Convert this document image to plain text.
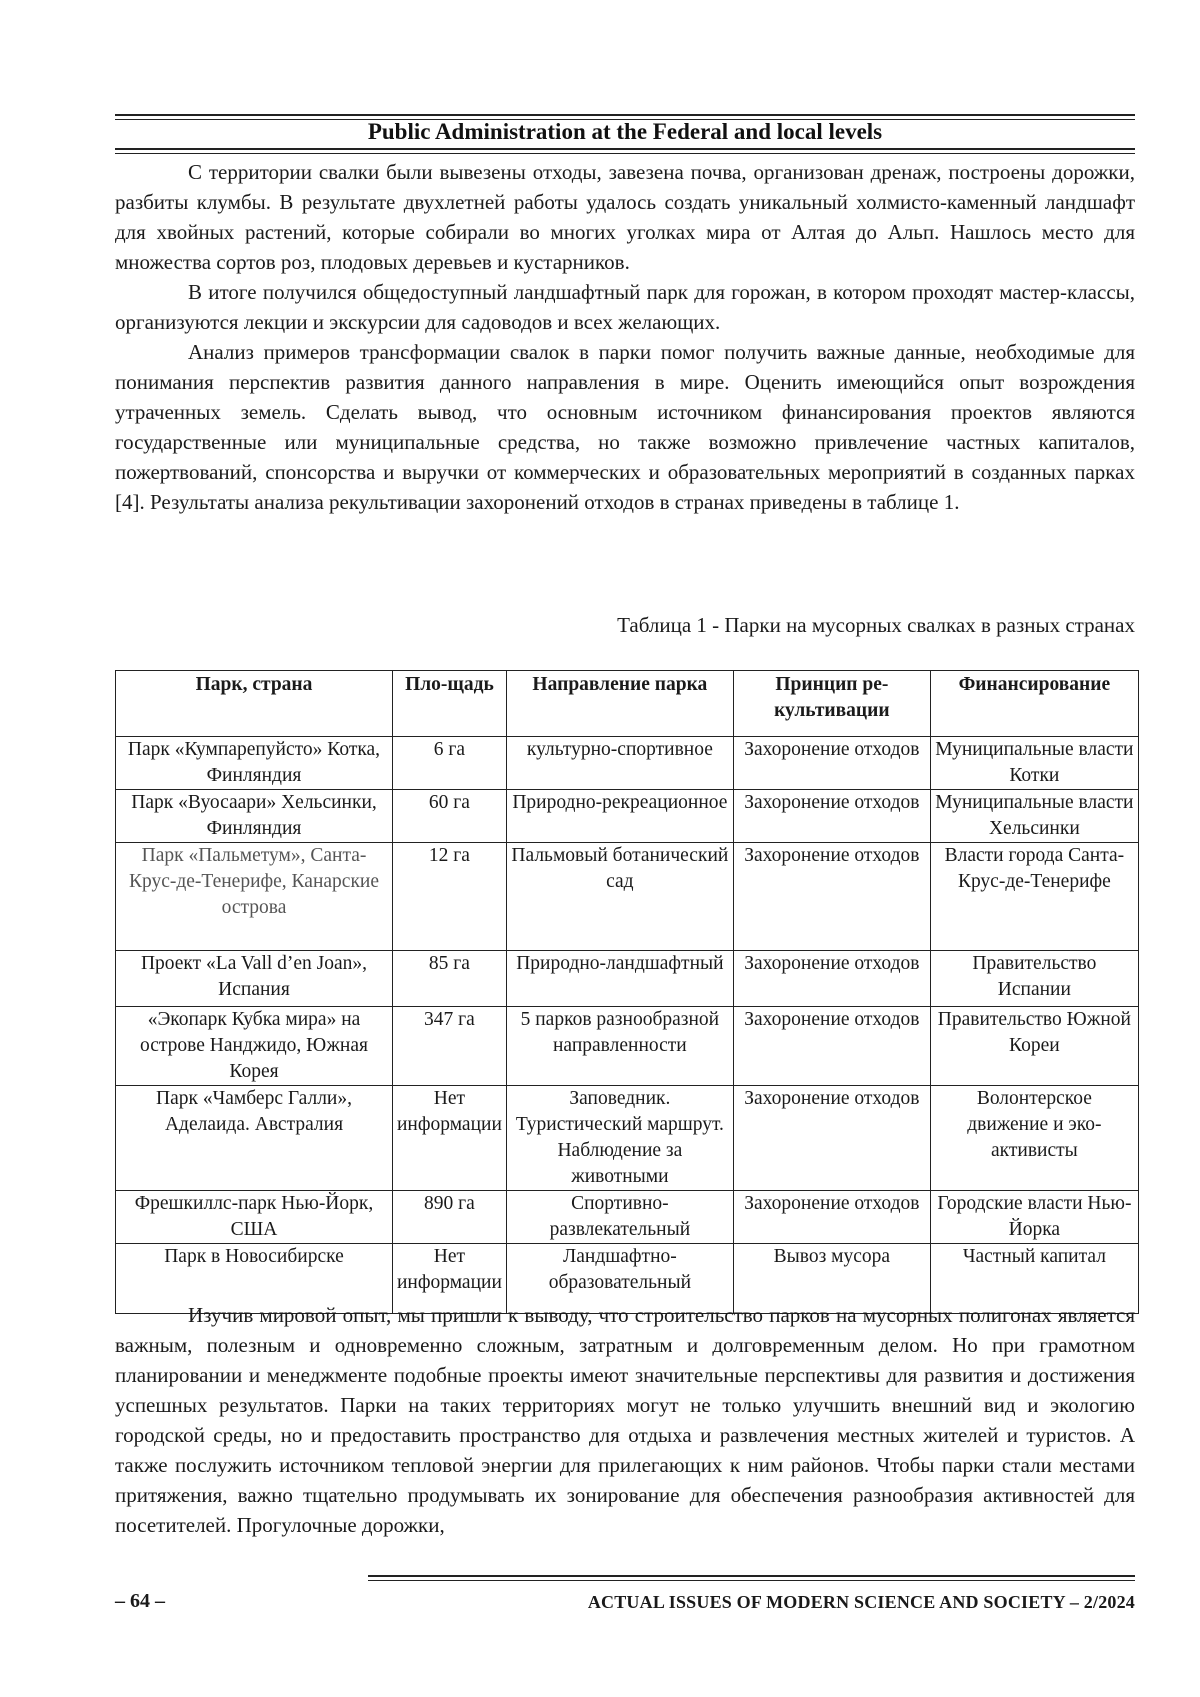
Public Administration at the Federal and local levels

С территории свалки были вывезены отходы, завезена почва, организован дренаж, построены дорожки, разбиты клумбы. В результате двухлетней работы удалось создать уникальный холмисто-каменный ландшафт для хвойных растений, которые собирали во многих уголках мира от Алтая до Альп. Нашлось место для множества сортов роз, плодовых деревьев и кустарников.

В итоге получился общедоступный ландшафтный парк для горожан, в котором проходят мастер-классы, организуются лекции и экскурсии для садоводов и всех желающих.

Анализ примеров трансформации свалок в парки помог получить важные данные, необходимые для понимания перспектив развития данного направления в мире. Оценить имеющийся опыт возрождения утраченных земель. Сделать вывод, что основным источником финансирования проектов являются государственные или муниципальные средства, но также возможно привлечение частных капиталов, пожертвований, спонсорства и выручки от коммерческих и образовательных мероприятий в созданных парках [4]. Результаты анализа рекультивации захоронений отходов в странах приведены в таблице 1.

Таблица 1 - Парки на мусорных свалках в разных странах
Парк, страна	Пло-щадь	Направление парка	Принцип ре-культивации	Финансирование
Парк «Кумпарепуйсто» Котка, Финляндия	6 га	культурно-спортивное	Захоронение отходов	Муниципальные власти Котки
Парк «Вуосаари» Хельсинки, Финляндия	60 га	Природно-рекреационное	Захоронение отходов	Муниципальные власти Хельсинки
Парк «Пальметум», Санта-Крус-де-Тенерифе, Канарские острова	12 га	Пальмовый ботанический сад	Захоронение отходов	Власти города Санта-Крус-де-Тенерифе
Проект «La Vall d’en Joan», Испания	85 га	Природно-ландшафтный	Захоронение отходов	Правительство Испании
«Экопарк Кубка мира» на острове Нанджидо, Южная Корея	347 га	5 парков разнообразной направленности	Захоронение отходов	Правительство Южной Кореи
Парк «Чамберс Галли», Аделаида. Австралия	Нет информации	Заповедник. Туристический маршрут. Наблюдение за животными	Захоронение отходов	Волонтерское движение и эко-активисты
Фрешкиллс-парк Нью-Йорк, США	890 га	Спортивно-развлекательный	Захоронение отходов	Городские власти Нью-Йорка
Парк в Новосибирске	Нет информации	Ландшафтно-образовательный	Вывоз мусора	Частный капитал

Изучив мировой опыт, мы пришли к выводу, что строительство парков на мусорных полигонах является важным, полезным и одновременно сложным, затратным и долговременным делом. Но при грамотном планировании и менеджменте подобные проекты имеют значительные перспективы для развития и достижения успешных результатов. Парки на таких территориях могут не только улучшить внешний вид и экологию городской среды, но и предоставить пространство для отдыха и развлечения местных жителей и туристов. А также послужить источником тепловой энергии для прилегающих к ним районов. Чтобы парки стали местами притяжения, важно тщательно продумывать их зонирование для обеспечения разнообразия активностей для посетителей. Прогулочные дорожки,

– 64 –	ACTUAL ISSUES OF MODERN SCIENCE AND SOCIETY – 2/2024
